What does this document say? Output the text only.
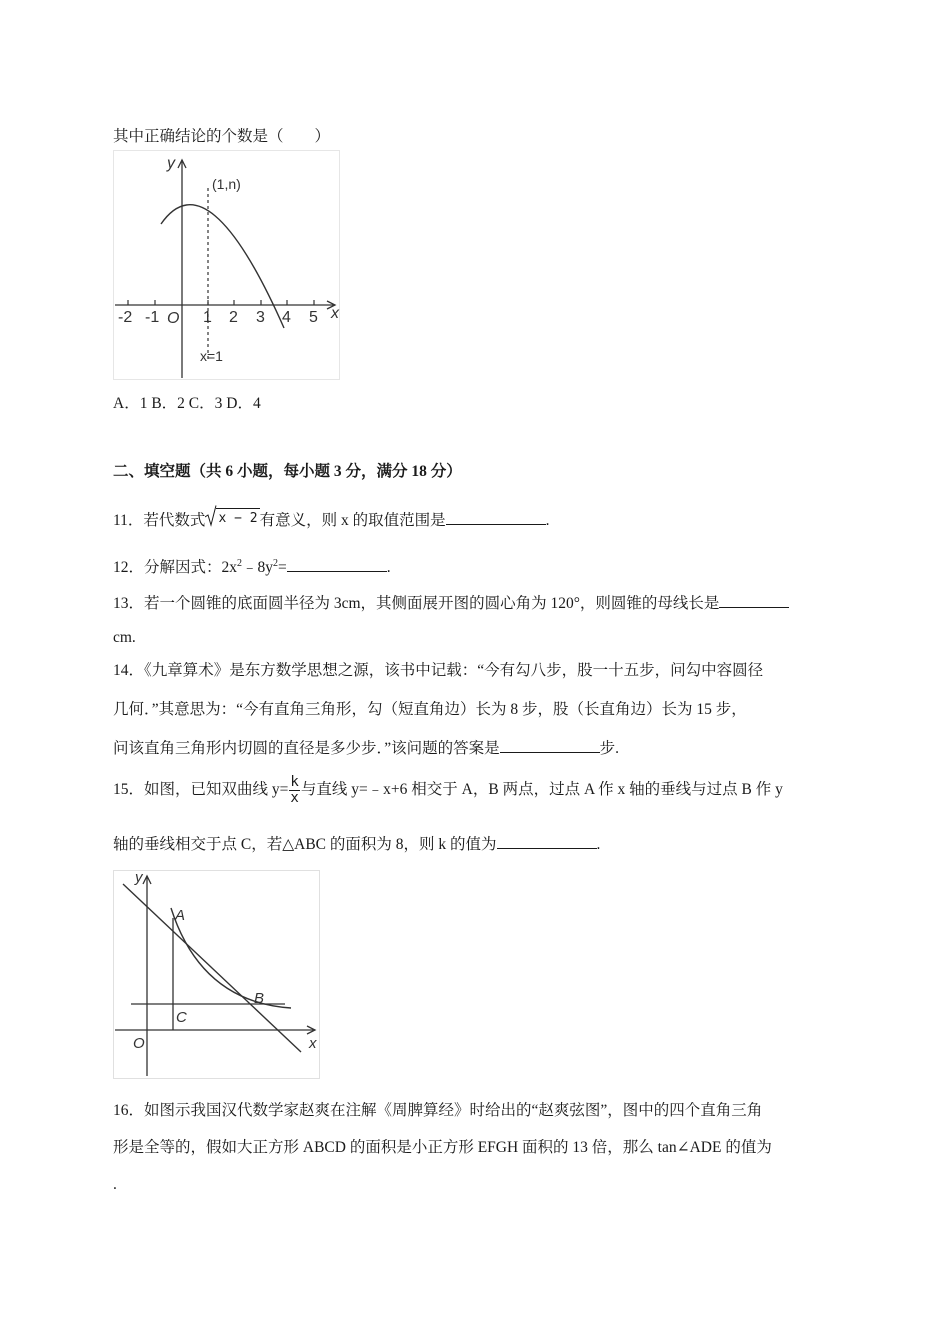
其中正确结论的个数是（　　）
y
x
O
(1,n)
x=1
-2 -1	1 2 3 4 5
A．1 B．2 C．3 D．4
二、填空题（共 6 小题，每小题 3 分，满分 18 分）
11．若代数式 x − 2 有意义，则 x 的取值范围是	.
12．分解因式：$2x^2﹣8y^2=$	.
13．若一个圆锥的底面圆半径为 3cm，其侧面展开图的圆心角为 120°，则圆锥的母线长是
cm.
14．《九章算术》是东方数学思想之源，该书中记载：“今有勾八步，股一十五步，问勾中容圆径
几何．”其意思为：“今有直角三角形，勾（短直角边）长为 8 步，股（长直角边）长为 15 步，
问该直角三角形内切圆的直径是多少步．”该问题的答案是	步.
15．如图，已知双曲线 $y= \frac{k}{x}$ 与直线 y=﹣x+6 相交于 A，B 两点，过点 A 作 x 轴的垂线与过点 B 作 y
轴的垂线相交于点 C，若△ABC 的面积为 8，则 k 的值为	.
y
x
O
A
B
C
16．如图示我国汉代数学家赵爽在注解《周脾算经》时给出的“赵爽弦图”，图中的四个直角三角
形是全等的，假如大正方形 ABCD 的面积是小正方形 EFGH 面积的 13 倍，那么 tan∠ADE 的值为
.
